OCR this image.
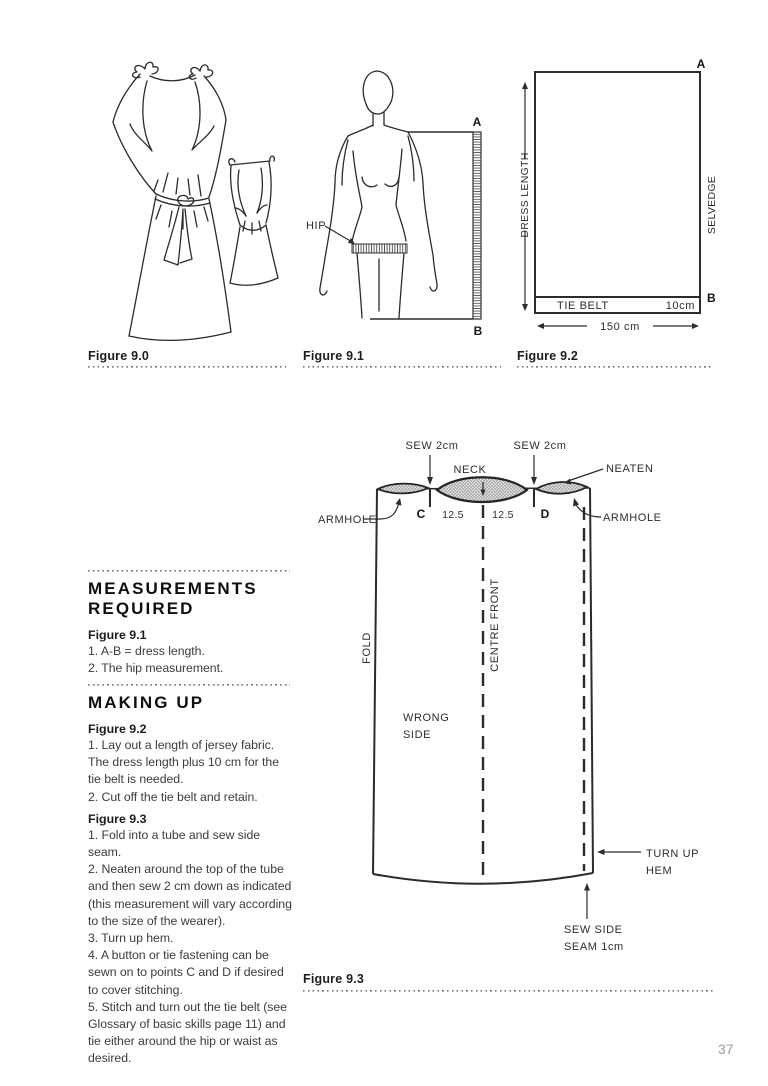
Figure 9.0
HIP
A
B
Figure 9.1
A
B
DRESS LENGTH	SELVEDGE
TIE BELT	10cm
150 cm
Figure 9.2
MEASUREMENTS REQUIRED

Figure 9.1

1. A-B = dress length.

2. The hip measurement.

MAKING UP

Figure 9.2

1. Lay out a length of jersey fabric. The dress length plus 10 cm for the tie belt is needed.

2. Cut off the tie belt and retain.

Figure 9.3

1. Fold into a tube and sew side seam.

2. Neaten around the top of the tube and then sew 2 cm down as indicated (this measurement will vary according to the size of the wearer).

3. Turn up hem.

4. A button or tie fastening can be sewn on to points C and D if desired to cover stitching.

5. Stitch and turn out the tie belt (see Glossary of basic skills page 11) and tie either around the hip or waist as desired.

SEW 2cm	SEW 2cm
NECK	NEATEN
ARMHOLE	ARMHOLE
C	D
12.5	12.5
FOLD	CENTRE FRONT
WRONG
SIDE
TURN UP
HEM
SEW SIDE
SEAM 1cm
Figure 9.3
37
